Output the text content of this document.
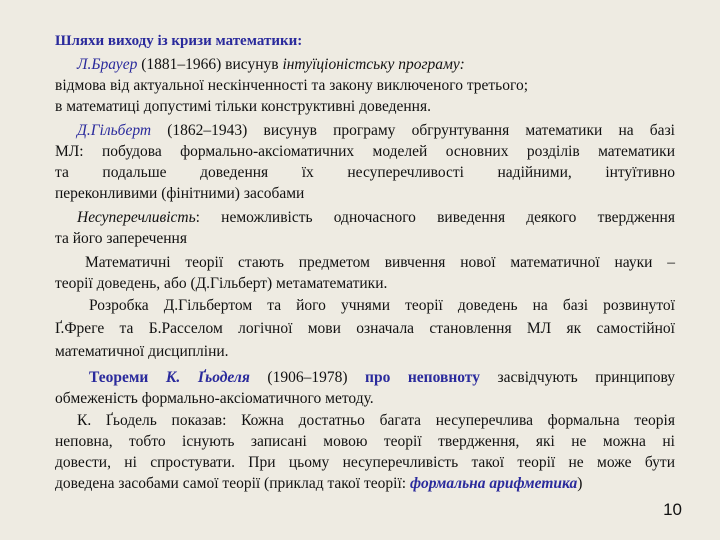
Шляхи виходу із кризи математики:
Л.Брауер (1881–1966) висунув інтуїціоністську програму:
відмова від актуальної нескінченності та закону виключеного третього;
в математиці допустимі тільки конструктивні доведення.
Д.Гільберт (1862–1943) висунув програму обгрунтування математики на базі
МЛ: побудова формально-аксіоматичних моделей основних розділів математики
та подальше доведення їх несуперечливості надійними, інтуїтивно
переконливими (фінітними) засобами
Несуперечливість: неможливість одночасного виведення деякого твердження
та його заперечення
Математичні теорії стають предметом вивчення нової математичної науки –
теорії доведень, або (Д.Гільберт) метаматематики.
Розробка Д.Гільбертом та його учнями теорії доведень на базі розвинутої
Ґ.Фреге та Б.Расселом логічної мови означала становлення МЛ як самостійної
математичної дисципліни.
Теореми К. Ґьоделя (1906–1978) про неповноту засвідчують принципову
обмеженість формально-аксіоматичного методу.
К. Ґьодель показав: Кожна достатньо багата несуперечлива формальна теорія
неповна, тобто існують записані мовою теорії твердження, які не можна ні
довести, ні спростувати. При цьому несуперечливість такої теорії не може бути
доведена засобами самої теорії (приклад такої теорії: формальна арифметика)
10
